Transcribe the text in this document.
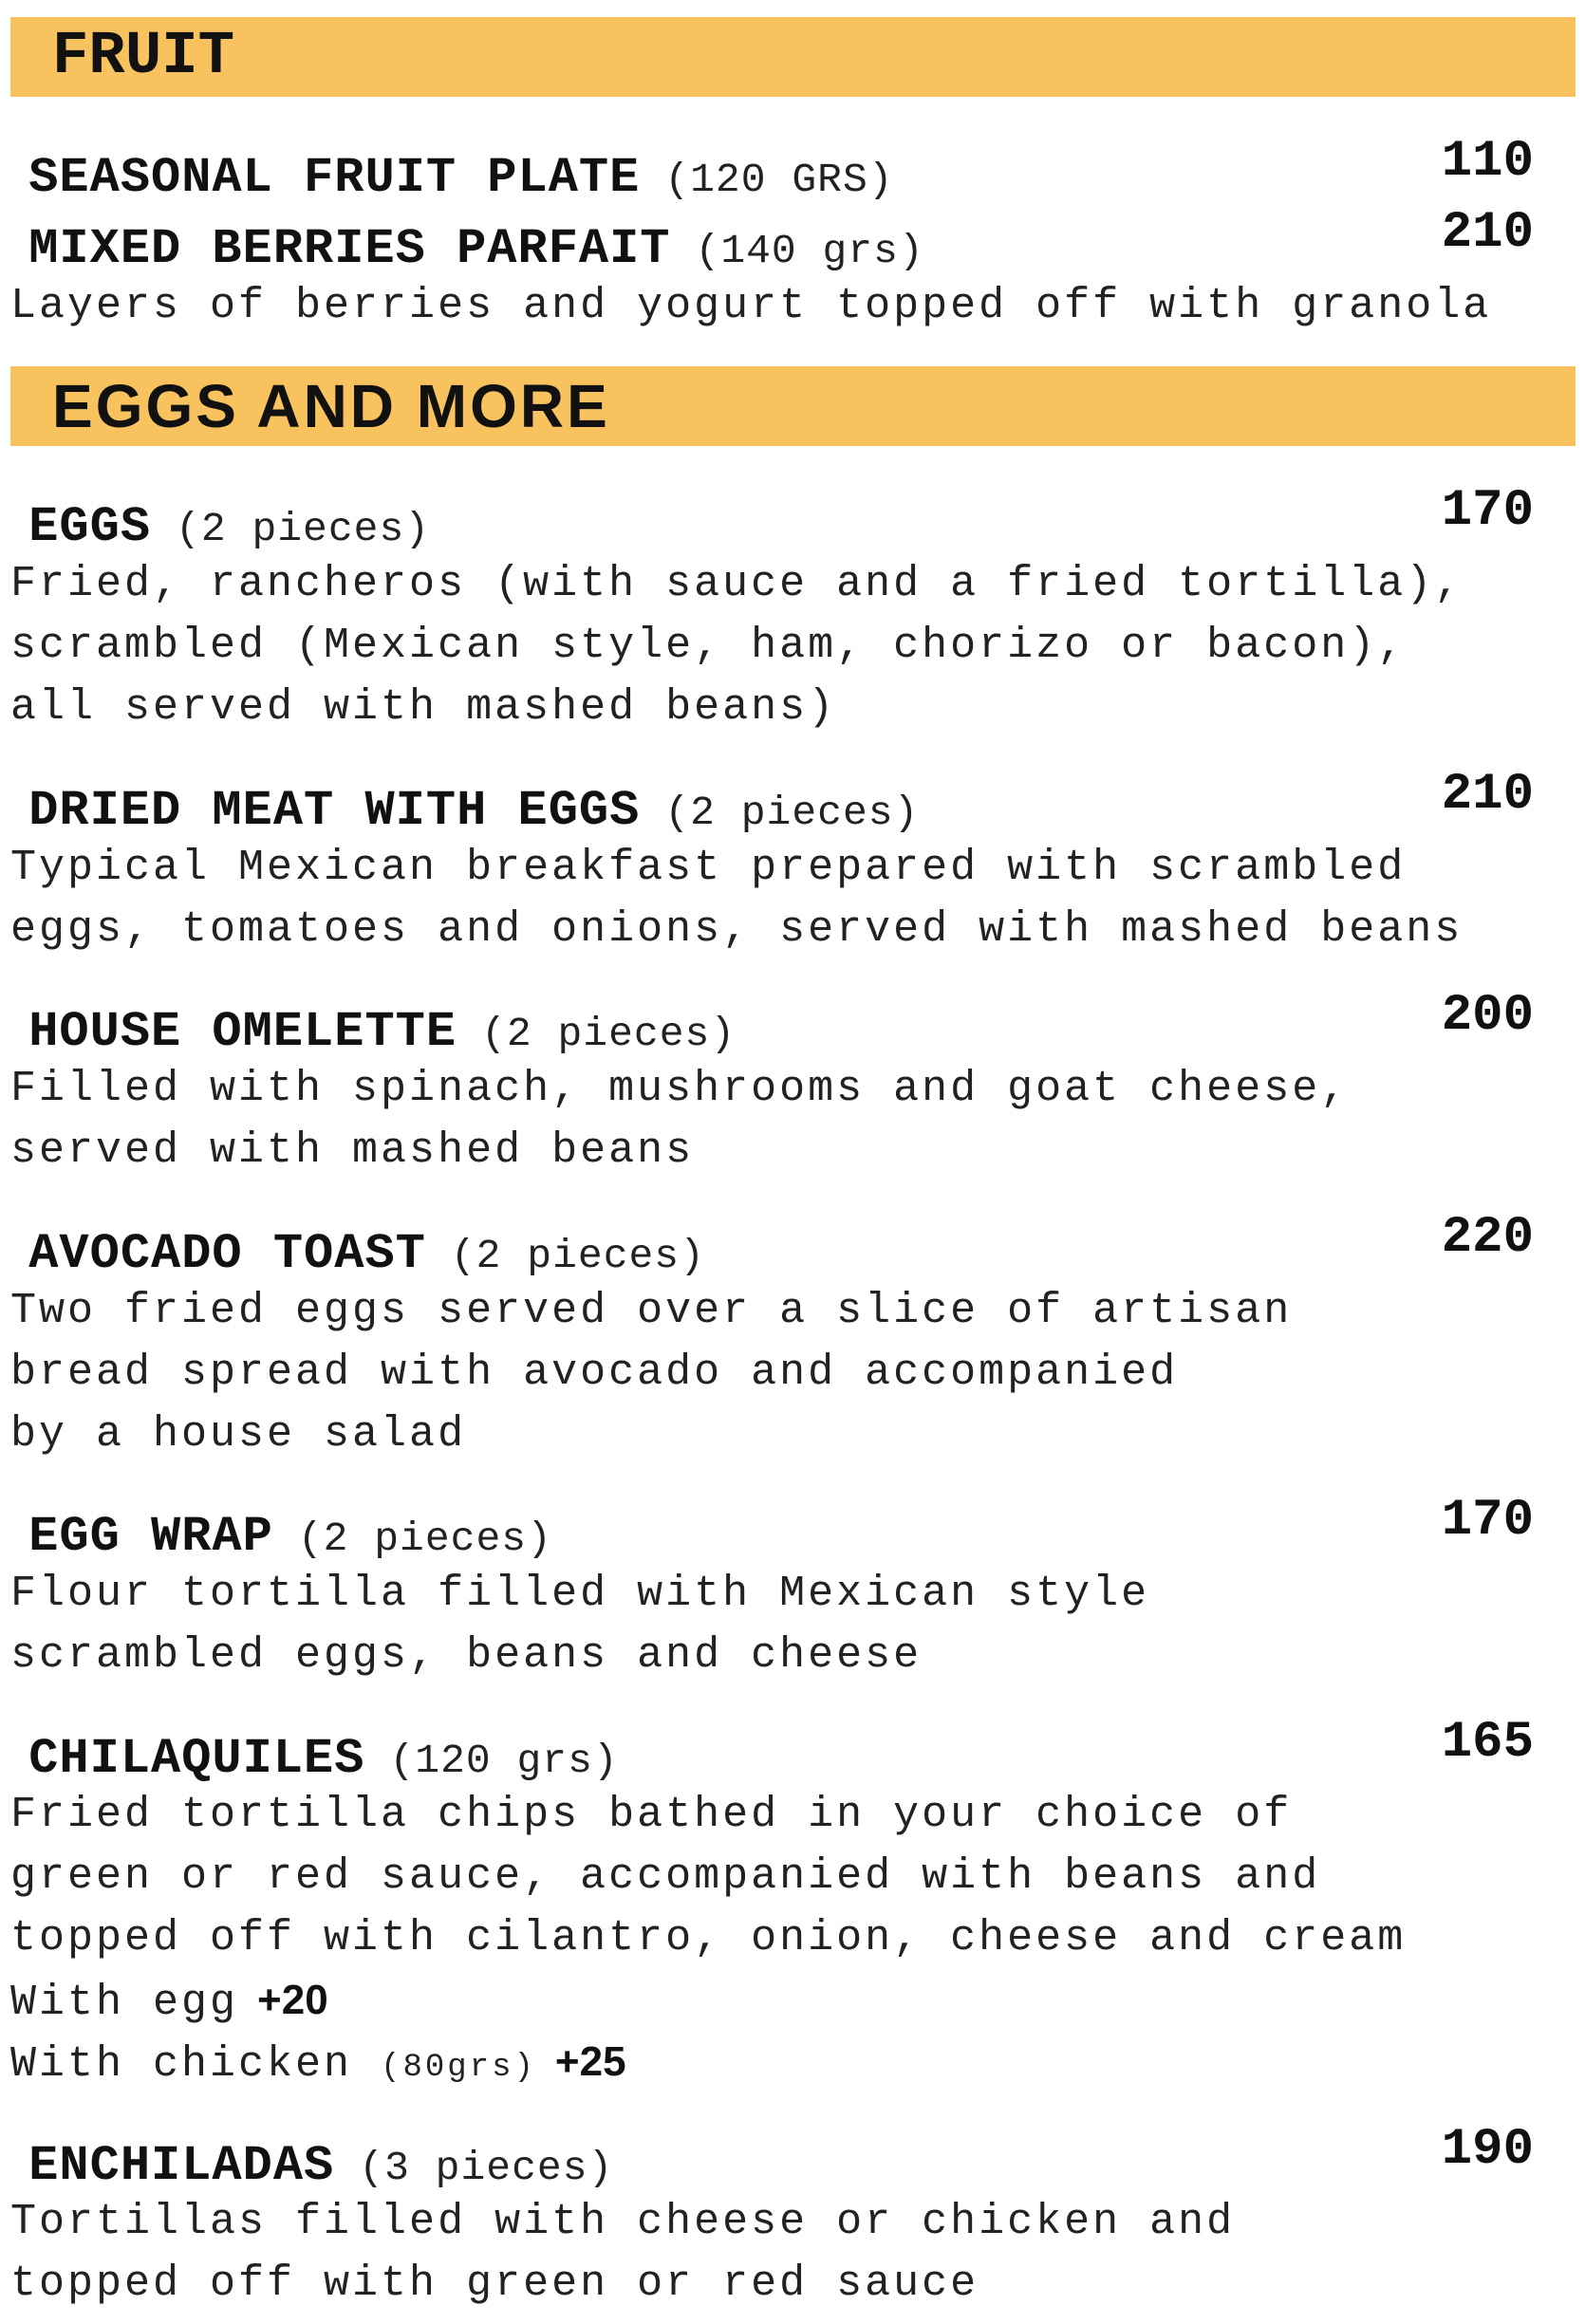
FRUIT

SEASONAL FRUIT PLATE (120 GRS)	110

MIXED BERRIES PARFAIT (140 grs)	210
Layers of berries and yogurt topped off with granola
EGGS AND MORE

EGGS (2 pieces)	170
Fried, rancheros (with sauce and a fried tortilla),
scrambled (Mexican style, ham, chorizo or bacon),
all served with mashed beans)

DRIED MEAT WITH EGGS (2 pieces)	210
Typical Mexican breakfast prepared with scrambled
eggs, tomatoes and onions, served with mashed beans

HOUSE OMELETTE (2 pieces)	200
Filled with spinach, mushrooms and goat cheese,
served with mashed beans

AVOCADO TOAST (2 pieces)	220
Two fried eggs served over a slice of artisan
bread spread with avocado and accompanied
by a house salad

EGG WRAP (2 pieces)	170
Flour tortilla filled with Mexican style
scrambled eggs, beans and cheese

CHILAQUILES (120 grs)	165
Fried tortilla chips bathed in your choice of
green or red sauce, accompanied with beans and
topped off with cilantro, onion, cheese and cream
With egg +20
With chicken (80grs) +25

ENCHILADAS (3 pieces)	190
Tortillas filled with cheese or chicken and
topped off with green or red sauce
